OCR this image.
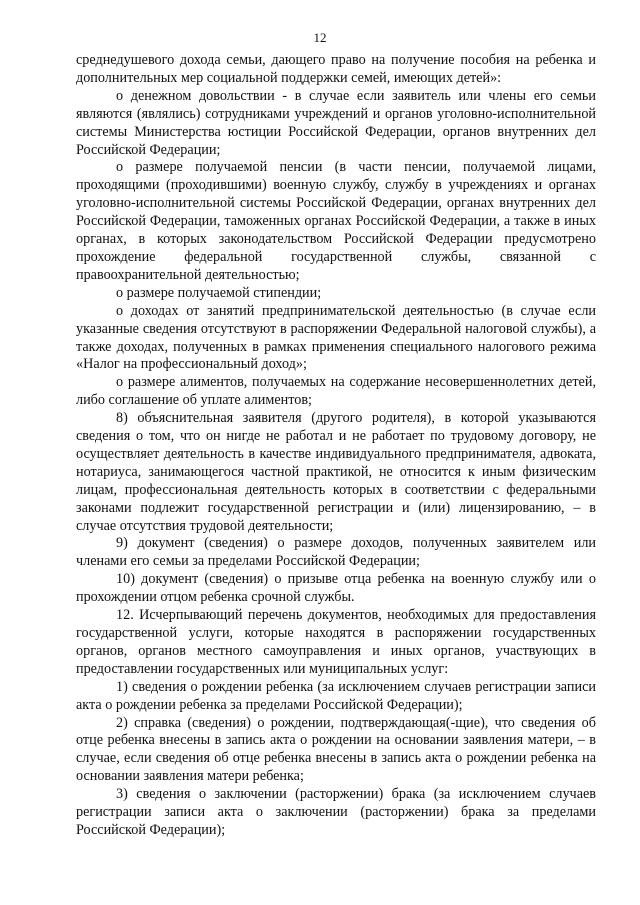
12

среднедушевого дохода семьи, дающего право на получение пособия на ребенка и дополнительных мер социальной поддержки семей, имеющих детей»:

о денежном довольствии - в случае если заявитель или члены его семьи являются (являлись) сотрудниками учреждений и органов уголовно-исполнительной системы Министерства юстиции Российской Федерации, органов внутренних дел Российской Федерации;

о размере получаемой пенсии (в части пенсии, получаемой лицами, проходящими (проходившими) военную службу, службу в учреждениях и органах уголовно-исполнительной системы Российской Федерации, органах внутренних дел Российской Федерации, таможенных органах Российской Федерации, а также в иных органах, в которых законодательством Российской Федерации предусмотрено прохождение федеральной государственной службы, связанной с правоохранительной деятельностью;

о размере получаемой стипендии;

о доходах от занятий предпринимательской деятельностью (в случае если указанные сведения отсутствуют в распоряжении Федеральной налоговой службы), а также доходах, полученных в рамках применения специального налогового режима «Налог на профессиональный доход»;

о размере алиментов, получаемых на содержание несовершеннолетних детей, либо соглашение об уплате алиментов;

8) объяснительная заявителя (другого родителя), в которой указываются сведения о том, что он нигде не работал и не работает по трудовому договору, не осуществляет деятельность в качестве индивидуального предпринимателя, адвоката, нотариуса, занимающегося частной практикой, не относится к иным физическим лицам, профессиональная деятельность которых в соответствии с федеральными законами подлежит государственной регистрации и (или) лицензированию, – в случае отсутствия трудовой деятельности;

9) документ (сведения) о размере доходов, полученных заявителем или членами его семьи за пределами Российской Федерации;

10) документ (сведения) о призыве отца ребенка на военную службу или о прохождении отцом ребенка срочной службы.

12. Исчерпывающий перечень документов, необходимых для предоставления государственной услуги, которые находятся в распоряжении государственных органов, органов местного самоуправления и иных органов, участвующих в предоставлении государственных или муниципальных услуг:

1) сведения о рождении ребенка (за исключением случаев регистрации записи акта о рождении ребенка за пределами Российской Федерации);

2) справка (сведения) о рождении, подтверждающая(-щие), что сведения об отце ребенка внесены в запись акта о рождении на основании заявления матери, – в случае, если сведения об отце ребенка внесены в запись акта о рождении ребенка на основании заявления матери ребенка;

3) сведения о заключении (расторжении) брака (за исключением случаев регистрации записи акта о заключении (расторжении) брака за пределами Российской Федерации);
